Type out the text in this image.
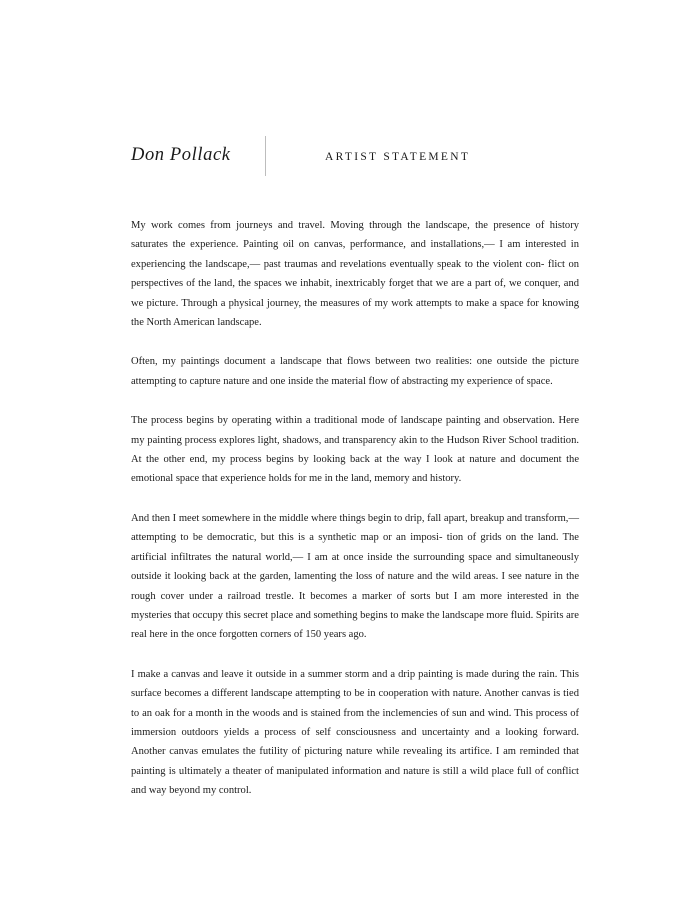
Don Pollack	ARTIST STATEMENT

My work comes from journeys and travel. Moving through the landscape, the presence of history saturates the experience. Painting oil on canvas, performance, and installations,— I am interested in experiencing the landscape,— past traumas and revelations eventually speak to the violent con- flict on perspectives of the land, the spaces we inhabit, inextricably forget that we are a part of, we conquer, and we picture. Through a physical journey, the measures of my work attempts to make a space for knowing the North American landscape.

Often, my paintings document a landscape that flows between two realities: one outside the picture attempting to capture nature and one inside the material flow of abstracting my experience of space.

The process begins by operating within a traditional mode of landscape painting and observation. Here my painting process explores light, shadows, and transparency akin to the Hudson River School tradition. At the other end, my process begins by looking back at the way I look at nature and document the emotional space that experience holds for me in the land, memory and history.

And then I meet somewhere in the middle where things begin to drip, fall apart, breakup and transform,— attempting to be democratic, but this is a synthetic map or an imposi- tion of grids on the land. The artificial infiltrates the natural world,— I am at once inside the surrounding space and simultaneously outside it looking back at the garden, lamenting the loss of nature and the wild areas. I see nature in the rough cover under a railroad trestle. It becomes a marker of sorts but I am more interested in the mysteries that occupy this secret place and something begins to make the landscape more fluid. Spirits are real here in the once forgotten corners of 150 years ago.

I make a canvas and leave it outside in a summer storm and a drip painting is made during the rain. This surface becomes a different landscape attempting to be in cooperation with nature. Another canvas is tied to an oak for a month in the woods and is stained from the inclemencies of sun and wind. This process of immersion outdoors yields a process of self consciousness and uncertainty and a looking forward. Another canvas emulates the futility of picturing nature while revealing its artifice. I am reminded that painting is ultimately a theater of manipulated information and nature is still a wild place full of conflict and way beyond my control.
